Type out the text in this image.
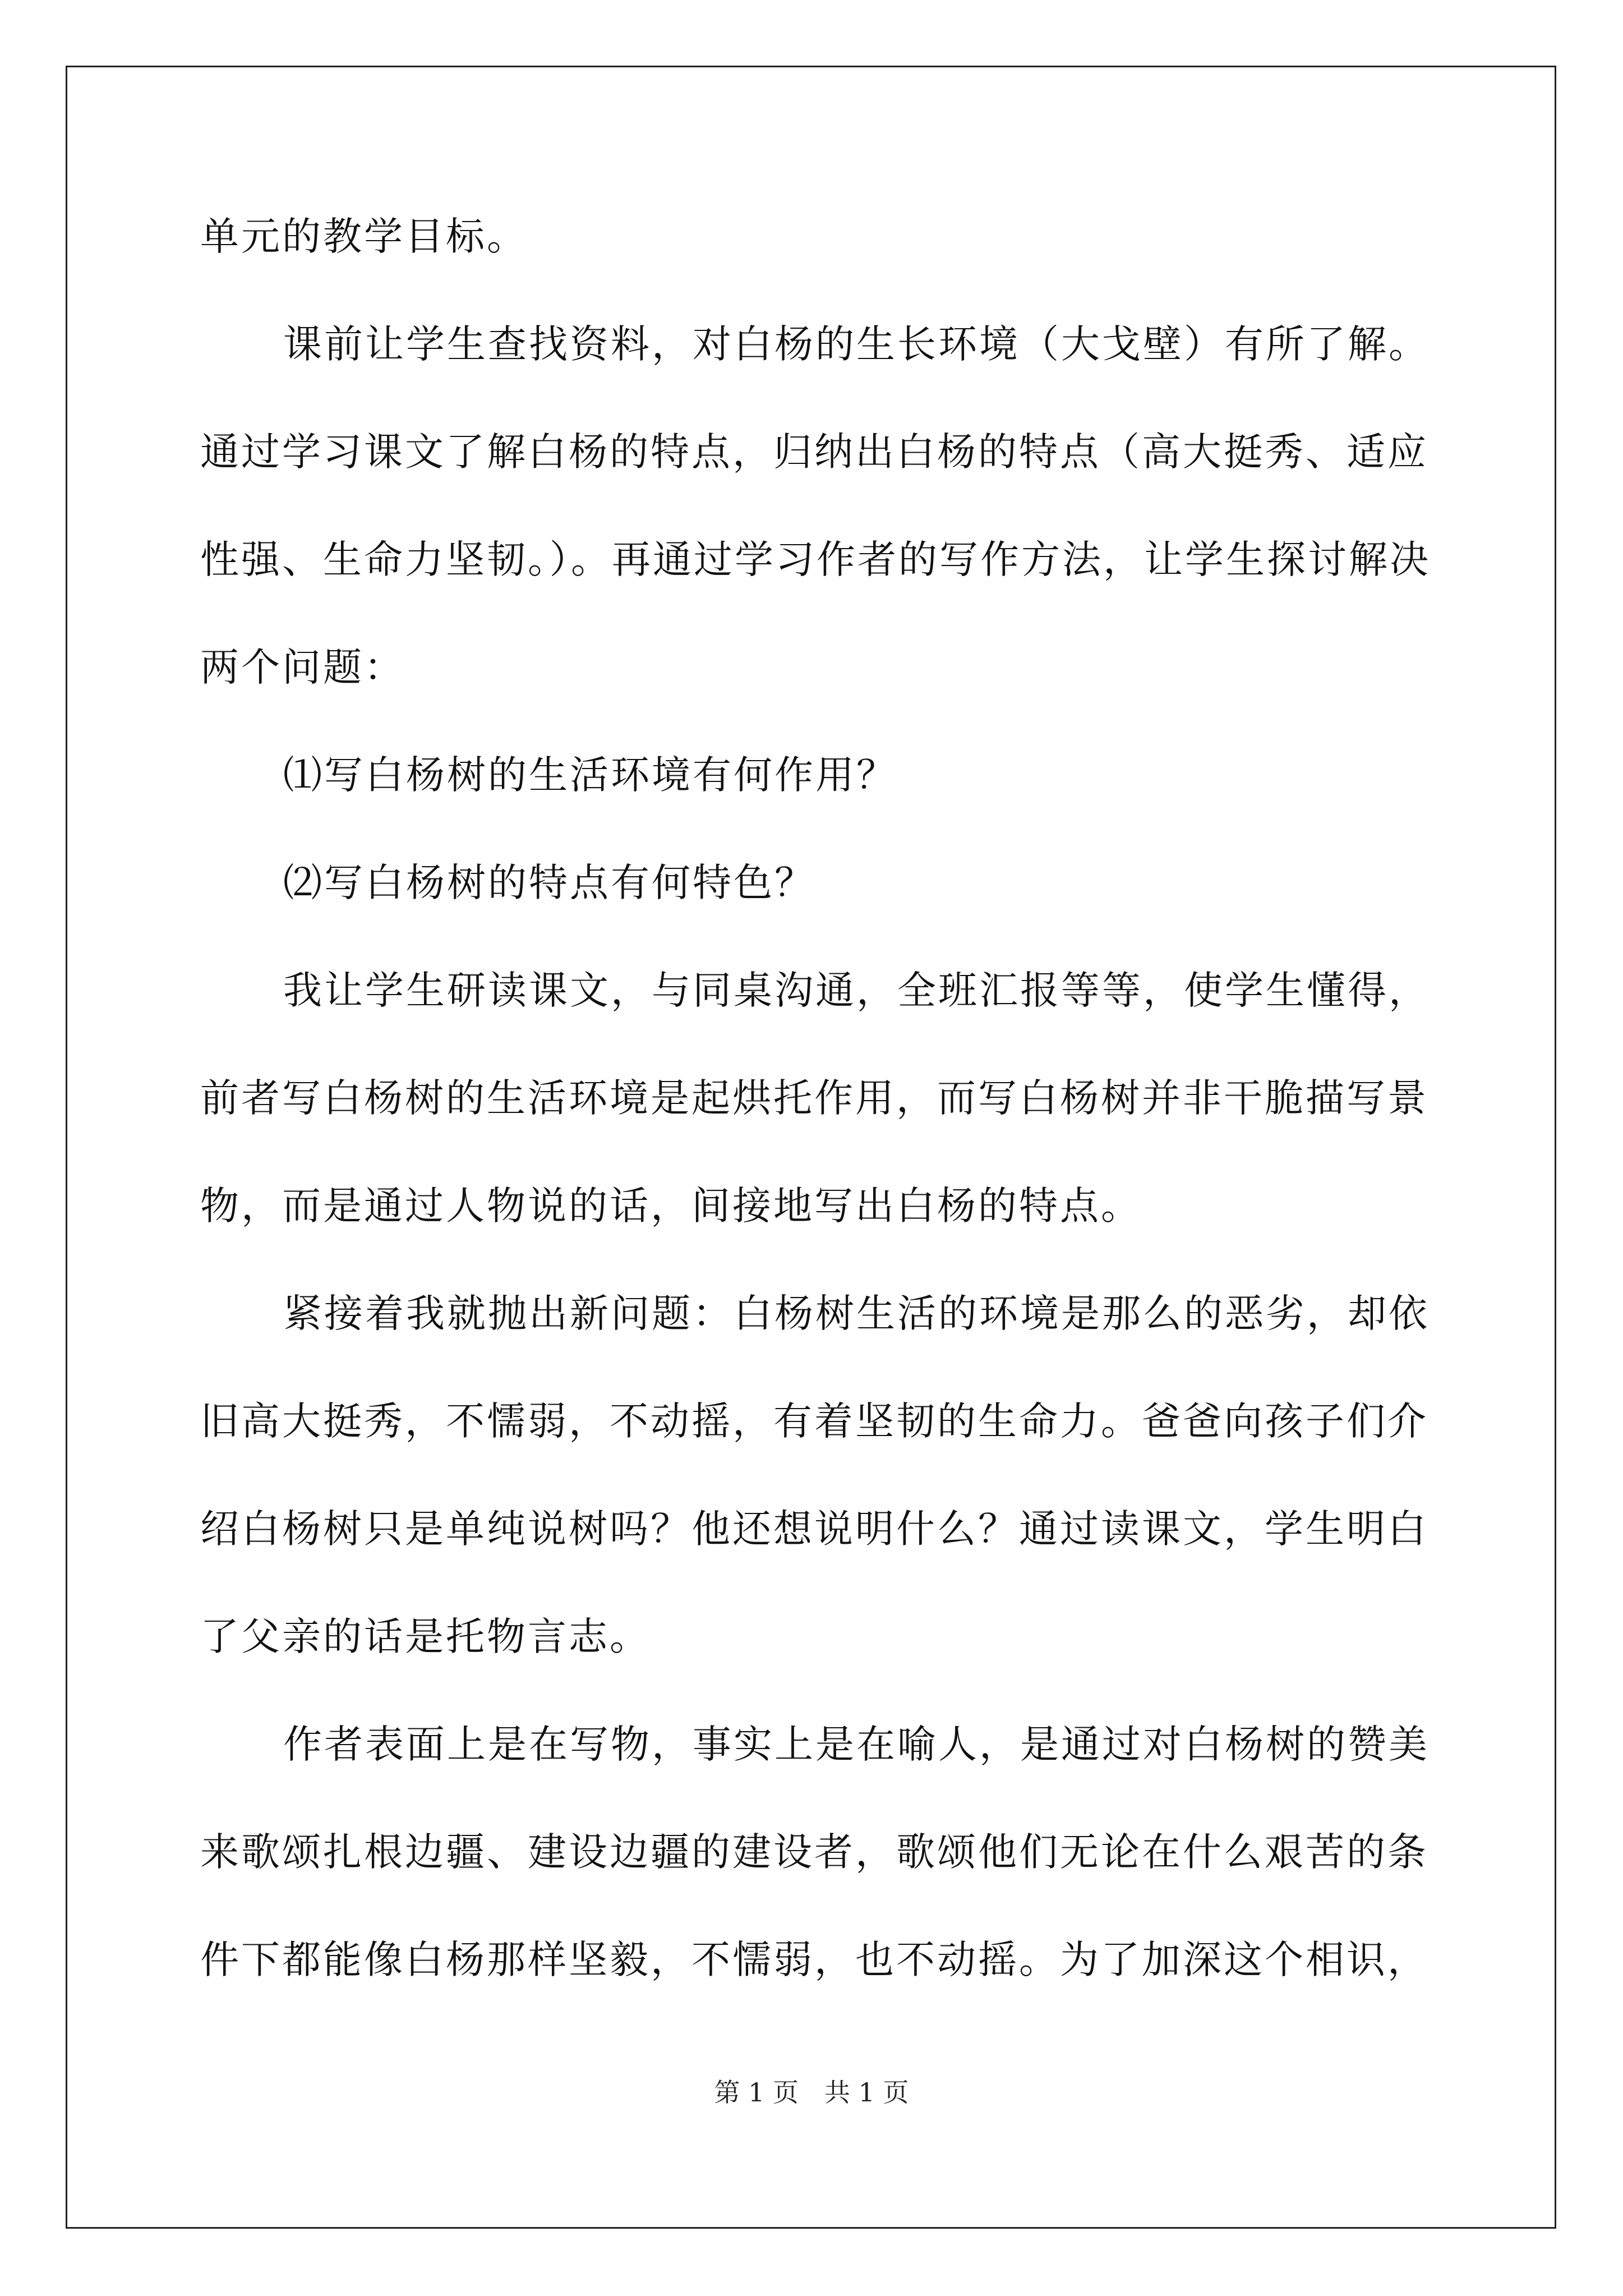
单元的教学目标。
课前让学生查找资料，对白杨的生长环境（大戈壁）有所了解。
通过学习课文了解白杨的特点，归纳出白杨的特点（高大挺秀、适应
性强、生命力坚韧。）。再通过学习作者的写作方法，让学生探讨解决
两个问题：
⑴写白杨树的生活环境有何作用？
⑵写白杨树的特点有何特色？
我让学生研读课文，与同桌沟通，全班汇报等等，使学生懂得，
前者写白杨树的生活环境是起烘托作用，而写白杨树并非干脆描写景
物，而是通过人物说的话，间接地写出白杨的特点。
紧接着我就抛出新问题：白杨树生活的环境是那么的恶劣，却依
旧高大挺秀，不懦弱，不动摇，有着坚韧的生命力。爸爸向孩子们介
绍白杨树只是单纯说树吗？他还想说明什么？通过读课文，学生明白
了父亲的话是托物言志。
作者表面上是在写物，事实上是在喻人，是通过对白杨树的赞美
来歌颂扎根边疆、建设边疆的建设者，歌颂他们无论在什么艰苦的条
件下都能像白杨那样坚毅，不懦弱，也不动摇。为了加深这个相识，
第 1 页　共 1 页
